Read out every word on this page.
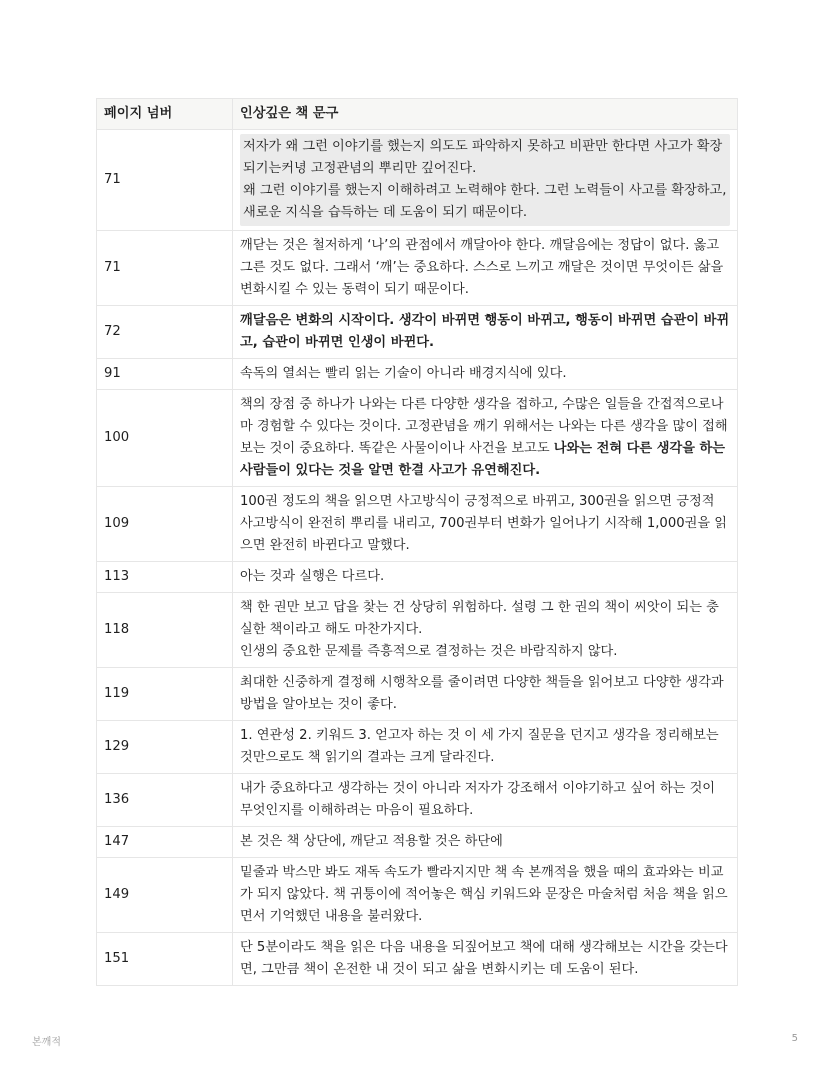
페이지 넘버	인상깊은 책 문구
71	저자가 왜 그런 이야기를 했는지 의도도 파악하지 못하고 비판만 한다면 사고가 확장되기는커녕 고정관념의 뿌리만 깊어진다.
왜 그런 이야기를 했는지 이해하려고 노력해야 한다. 그런 노력들이 사고를 확장하고, 새로운 지식을 습득하는 데 도움이 되기 때문이다.

71	깨닫는 것은 철저하게 ‘나’의 관점에서 깨달아야 한다. 깨달음에는 정답이 없다. 옳고 그른 것도 없다. 그래서 ‘깨’는 중요하다. 스스로 느끼고 깨달은 것이면 무엇이든 삶을 변화시킬 수 있는 동력이 되기 때문이다.
72	깨달음은 변화의 시작이다. 생각이 바뀌면 행동이 바뀌고, 행동이 바뀌면 습관이 바뀌고, 습관이 바뀌면 인생이 바뀐다.
91	속독의 열쇠는 빨리 읽는 기술이 아니라 배경지식에 있다.
100	책의 장점 중 하나가 나와는 다른 다양한 생각을 접하고, 수많은 일들을 간접적으로나마 경험할 수 있다는 것이다. 고정관념을 깨기 위해서는 나와는 다른 생각을 많이 접해보는 것이 중요하다. 똑같은 사물이이나 사건을 보고도 나와는 전혀 다른 생각을 하는 사람들이 있다는 것을 알면 한결 사고가 유연해진다.
109	100권 정도의 책을 읽으면 사고방식이 긍정적으로 바뀌고, 300권을 읽으면 긍정적 사고방식이 완전히 뿌리를 내리고, 700권부터 변화가 일어나기 시작해 1,000권을 읽으면 완전히 바뀐다고 말했다.
113	아는 것과 실행은 다르다.
118	책 한 권만 보고 답을 찾는 건 상당히 위험하다. 설령 그 한 권의 책이 씨앗이 되는 충실한 책이라고 해도 마찬가지다.
인생의 중요한 문제를 즉흥적으로 결정하는 것은 바람직하지 않다.
119	최대한 신중하게 결정해 시행착오를 줄이려면 다양한 책들을 읽어보고 다양한 생각과 방법을 알아보는 것이 좋다.
129	1. 연관성 2. 키워드 3. 얻고자 하는 것 이 세 가지 질문을 던지고 생각을 정리해보는 것만으로도 책 읽기의 결과는 크게 달라진다.
136	내가 중요하다고 생각하는 것이 아니라 저자가 강조해서 이야기하고 싶어 하는 것이 무엇인지를 이해하려는 마음이 필요하다.
147	본 것은 책 상단에, 깨닫고 적용할 것은 하단에
149	밑줄과 박스만 봐도 재독 속도가 빨라지지만 책 속 본깨적을 했을 때의 효과와는 비교가 되지 않았다. 책 귀퉁이에 적어놓은 핵심 키워드와 문장은 마술처럼 처음 책을 읽으면서 기억했던 내용을 불러왔다.
151	단 5분이라도 책을 읽은 다음 내용을 되짚어보고 책에 대해 생각해보는 시간을 갖는다면, 그만큼 책이 온전한 내 것이 되고 삶을 변화시키는 데 도움이 된다.
본깨적	5
